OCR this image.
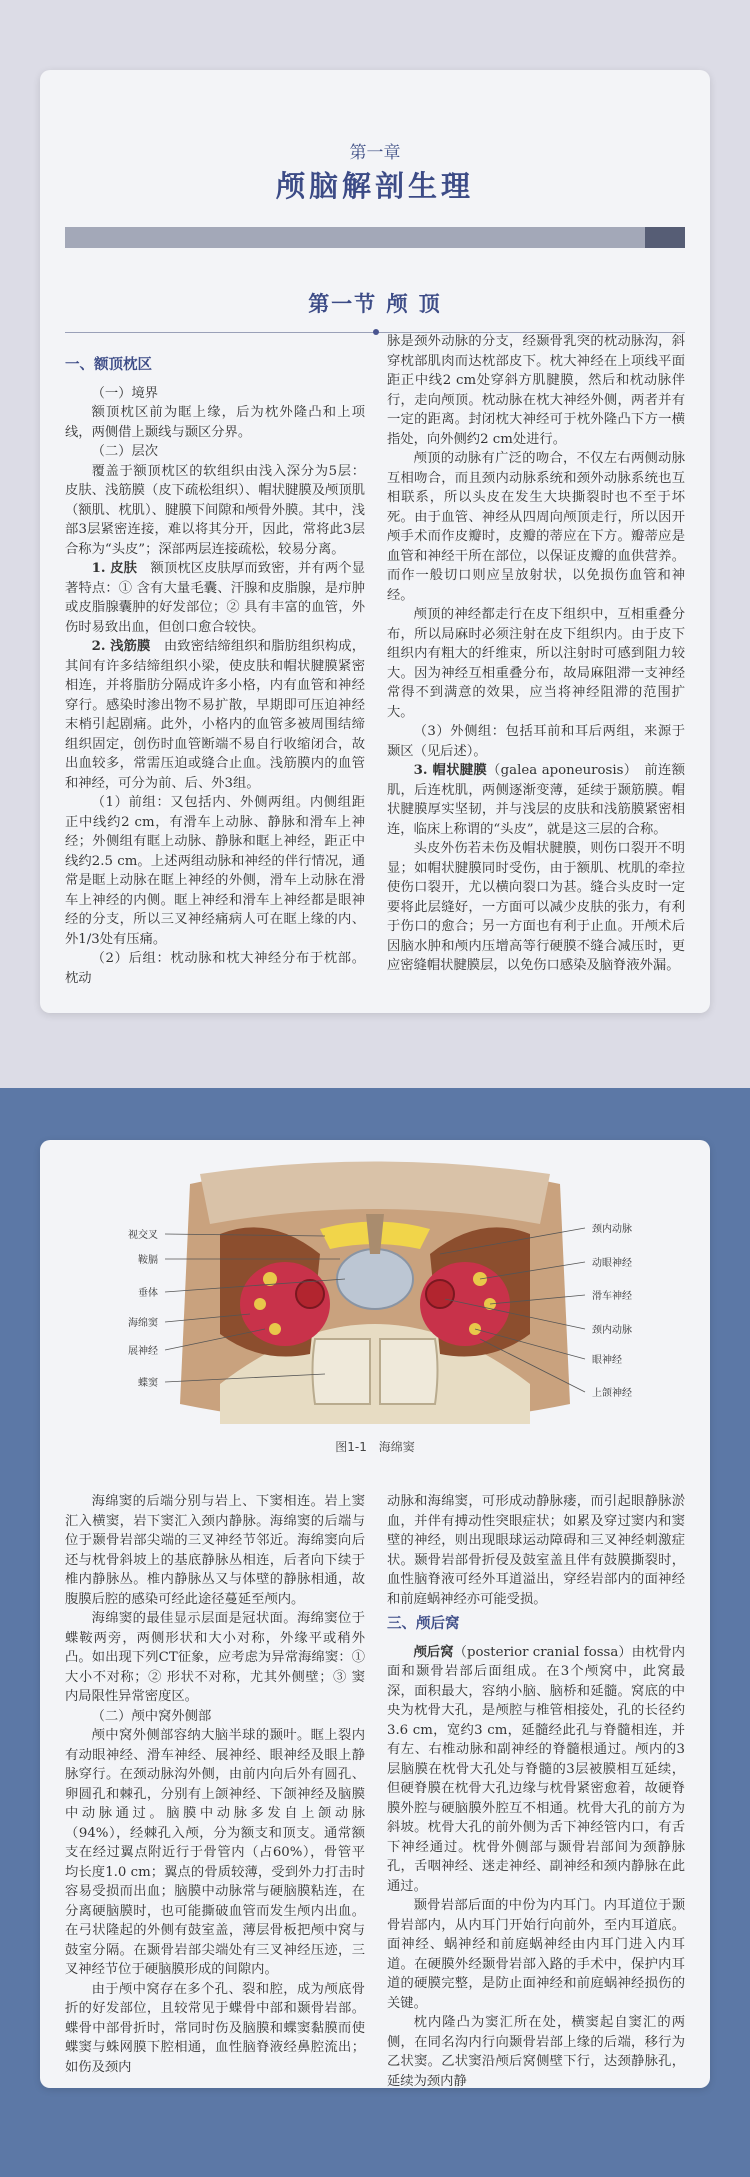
第一章
颅脑解剖生理
第一节 颅 顶
一、额顶枕区

（一）境界

额顶枕区前为眶上缘，后为枕外隆凸和上项线，两侧借上颞线与颞区分界。

（二）层次

覆盖于额顶枕区的软组织由浅入深分为5层：皮肤、浅筋膜（皮下疏松组织）、帽状腱膜及颅顶肌（额肌、枕肌）、腱膜下间隙和颅骨外膜。其中，浅部3层紧密连接，难以将其分开，因此，常将此3层合称为“头皮”；深部两层连接疏松，较易分离。

1. 皮肤　 额顶枕区皮肤厚而致密，并有两个显著特点：① 含有大量毛囊、汗腺和皮脂腺，是疖肿或皮脂腺囊肿的好发部位；② 具有丰富的血管，外伤时易致出血，但创口愈合较快。

2. 浅筋膜　 由致密结缔组织和脂肪组织构成，其间有许多结缔组织小梁，使皮肤和帽状腱膜紧密相连，并将脂肪分隔成许多小格，内有血管和神经穿行。感染时渗出物不易扩散，早期即可压迫神经末梢引起剧痛。此外，小格内的血管多被周围结缔组织固定，创伤时血管断端不易自行收缩闭合，故出血较多，常需压迫或缝合止血。浅筋膜内的血管和神经，可分为前、后、外3组。

（1）前组：又包括内、外侧两组。内侧组距正中线约2 cm，有滑车上动脉、静脉和滑车上神经；外侧组有眶上动脉、静脉和眶上神经，距正中线约2.5 cm。上述两组动脉和神经的伴行情况，通常是眶上动脉在眶上神经的外侧，滑车上动脉在滑车上神经的内侧。眶上神经和滑车上神经都是眼神经的分支，所以三叉神经痛病人可在眶上缘的内、外1/3处有压痛。

（2）后组：枕动脉和枕大神经分布于枕部。枕动

脉是颈外动脉的分支，经颞骨乳突的枕动脉沟，斜穿枕部肌肉而达枕部皮下。枕大神经在上项线平面距正中线2 cm处穿斜方肌腱膜，然后和枕动脉伴行，走向颅顶。枕动脉在枕大神经外侧，两者并有一定的距离。封闭枕大神经可于枕外隆凸下方一横指处，向外侧约2 cm处进行。

颅顶的动脉有广泛的吻合，不仅左右两侧动脉互相吻合，而且颈内动脉系统和颈外动脉系统也互相联系，所以头皮在发生大块撕裂时也不至于坏死。由于血管、神经从四周向颅顶走行，所以因开颅手术而作皮瓣时，皮瓣的蒂应在下方。瓣蒂应是血管和神经干所在部位，以保证皮瓣的血供营养。而作一般切口则应呈放射状，以免损伤血管和神经。

颅顶的神经都走行在皮下组织中，互相重叠分布，所以局麻时必须注射在皮下组织内。由于皮下组织内有粗大的纤维束，所以注射时可感到阻力较大。因为神经互相重叠分布，故局麻阻滞一支神经常得不到满意的效果，应当将神经阻滞的范围扩大。

（3）外侧组：包括耳前和耳后两组，来源于颞区（见后述）。

3. 帽状腱膜（galea aponeurosis）　前连额肌，后连枕肌，两侧逐渐变薄，延续于颞筋膜。帽状腱膜厚实坚韧，并与浅层的皮肤和浅筋膜紧密相连，临床上称谓的“头皮”，就是这三层的合称。

头皮外伤若未伤及帽状腱膜，则伤口裂开不明显；如帽状腱膜同时受伤，由于额肌、枕肌的牵拉使伤口裂开，尤以横向裂口为甚。缝合头皮时一定要将此层缝好，一方面可以减少皮肤的张力，有利于伤口的愈合；另一方面也有利于止血。开颅术后因脑水肿和颅内压增高等行硬膜不缝合减压时，更应密缝帽状腱膜层，以免伤口感染及脑脊液外漏。

视交叉
鞍膈
垂体
海绵窦
展神经
蝶窦
颈内动脉
动眼神经
滑车神经
颈内动脉
眼神经
上颌神经
图1-1 海绵窦

海绵窦的后端分别与岩上、下窦相连。岩上窦汇入横窦，岩下窦汇入颈内静脉。海绵窦的后端与位于颞骨岩部尖端的三叉神经节邻近。海绵窦向后还与枕骨斜坡上的基底静脉丛相连，后者向下续于椎内静脉丛。椎内静脉丛又与体壁的静脉相通，故腹膜后腔的感染可经此途径蔓延至颅内。

海绵窦的最佳显示层面是冠状面。海绵窦位于蝶鞍两旁，两侧形状和大小对称，外缘平或稍外凸。如出现下列CT征象，应考虑为异常海绵窦：① 大小不对称；② 形状不对称，尤其外侧壁；③ 窦内局限性异常密度区。

（二）颅中窝外侧部

颅中窝外侧部容纳大脑半球的颞叶。眶上裂内有动眼神经、滑车神经、展神经、眼神经及眼上静脉穿行。在颈动脉沟外侧，由前内向后外有圆孔、卵圆孔和棘孔，分别有上颌神经、下颌神经及脑膜中动脉通过。脑膜中动脉多发自上颌动脉（94%），经棘孔入颅，分为额支和顶支。通常额支在经过翼点附近行于骨管内（占60%），骨管平均长度1.0 cm；翼点的骨质较薄，受到外力打击时容易受损而出血；脑膜中动脉常与硬脑膜粘连，在分离硬脑膜时，也可能撕破血管而发生颅内出血。在弓状隆起的外侧有鼓室盖，薄层骨板把颅中窝与鼓室分隔。在颞骨岩部尖端处有三叉神经压迹，三叉神经节位于硬脑膜形成的间隙内。

由于颅中窝存在多个孔、裂和腔，成为颅底骨折的好发部位，且较常见于蝶骨中部和颞骨岩部。蝶骨中部骨折时，常同时伤及脑膜和蝶窦黏膜而使蝶窦与蛛网膜下腔相通，血性脑脊液经鼻腔流出；如伤及颈内

动脉和海绵窦，可形成动静脉瘘，而引起眼静脉淤血，并伴有搏动性突眼症状；如累及穿过窦内和窦壁的神经，则出现眼球运动障碍和三叉神经刺激症状。颞骨岩部骨折侵及鼓室盖且伴有鼓膜撕裂时，血性脑脊液可经外耳道溢出，穿经岩部内的面神经和前庭蜗神经亦可能受损。

三、颅后窝

颅后窝（posterior cranial fossa）由枕骨内面和颞骨岩部后面组成。在3个颅窝中，此窝最深，面积最大，容纳小脑、脑桥和延髓。窝底的中央为枕骨大孔，是颅腔与椎管相接处，孔的长径约3.6 cm，宽约3 cm，延髓经此孔与脊髓相连，并有左、右椎动脉和副神经的脊髓根通过。颅内的3层脑膜在枕骨大孔处与脊髓的3层被膜相互延续，但硬脊膜在枕骨大孔边缘与枕骨紧密愈着，故硬脊膜外腔与硬脑膜外腔互不相通。枕骨大孔的前方为斜坡。枕骨大孔的前外侧为舌下神经管内口，有舌下神经通过。枕骨外侧部与颞骨岩部间为颈静脉孔，舌咽神经、迷走神经、副神经和颈内静脉在此通过。

颞骨岩部后面的中份为内耳门。内耳道位于颞骨岩部内，从内耳门开始行向前外，至内耳道底。面神经、蜗神经和前庭蜗神经由内耳门进入内耳道。在硬膜外经颞骨岩部入路的手术中，保护内耳道的硬膜完整，是防止面神经和前庭蜗神经损伤的关键。

枕内隆凸为窦汇所在处，横窦起自窦汇的两侧，在同名沟内行向颞骨岩部上缘的后端，移行为乙状窦。乙状窦沿颅后窝侧壁下行，达颈静脉孔，延续为颈内静
